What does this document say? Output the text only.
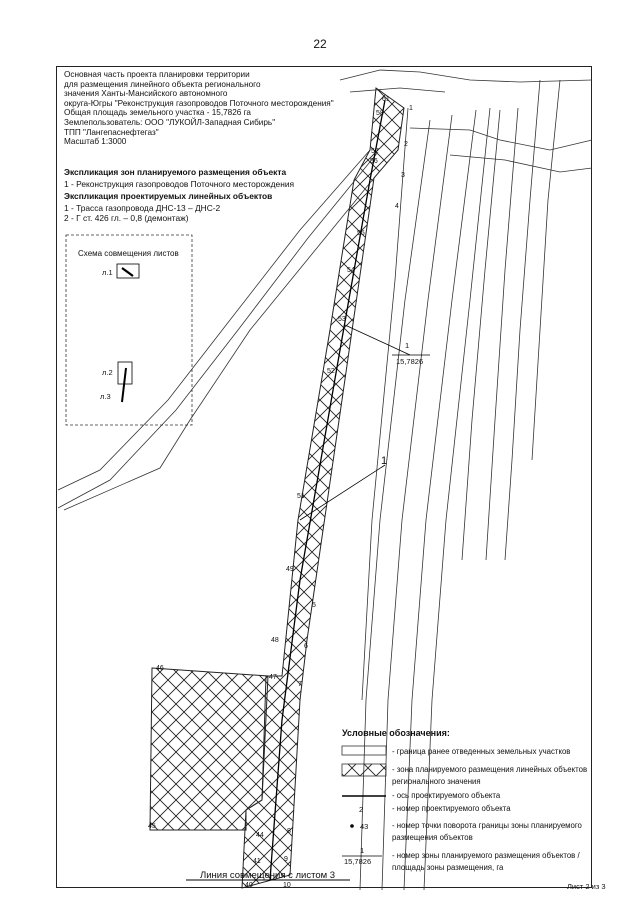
22
Основная часть проекта планировки территории
для размещения линейного объекта регионального
значения Ханты-Мансийского автономного
округа-Югры "Реконструкция газопроводов Поточного месторождения"
Общая площадь земельного участка - 15,7826 га
Землепользователь: ООО "ЛУКОЙЛ-Западная Сибирь"
ТПП "Лангепаснефтегаз"
Масштаб 1:3000
Экспликация зон планируемого размещения объекта
1 - Реконструкция газопроводов Поточного месторождения
Экспликация проектируемых линейных объектов
1 - Трасса газопровода ДНС-13 – ДНС-2
2 - Г ст. 426 гл. – 0,8 (демонтаж)
Схема совмещения листов
л.1
л.2
л.3
1
15,7826
1
61
58
57
56
55
54
53
52
51
49
48
47
46
45
44
41
40
1
2
3
4
5
6
7
8
9
10
Условные обозначения:
- граница ранее отведенных земельных участков
- зона планируемого размещения линейных объектов регионального значения
- ось проектируемого объекта
2	- номер проектируемого объекта
43	- номер точки поворота границы зоны планируемого размещения объектов
1
15,7826
- номер зоны планируемого размещения объектов /площадь зоны размещения, га
Линия совмещения с листом 3
Лист 2 из 3
